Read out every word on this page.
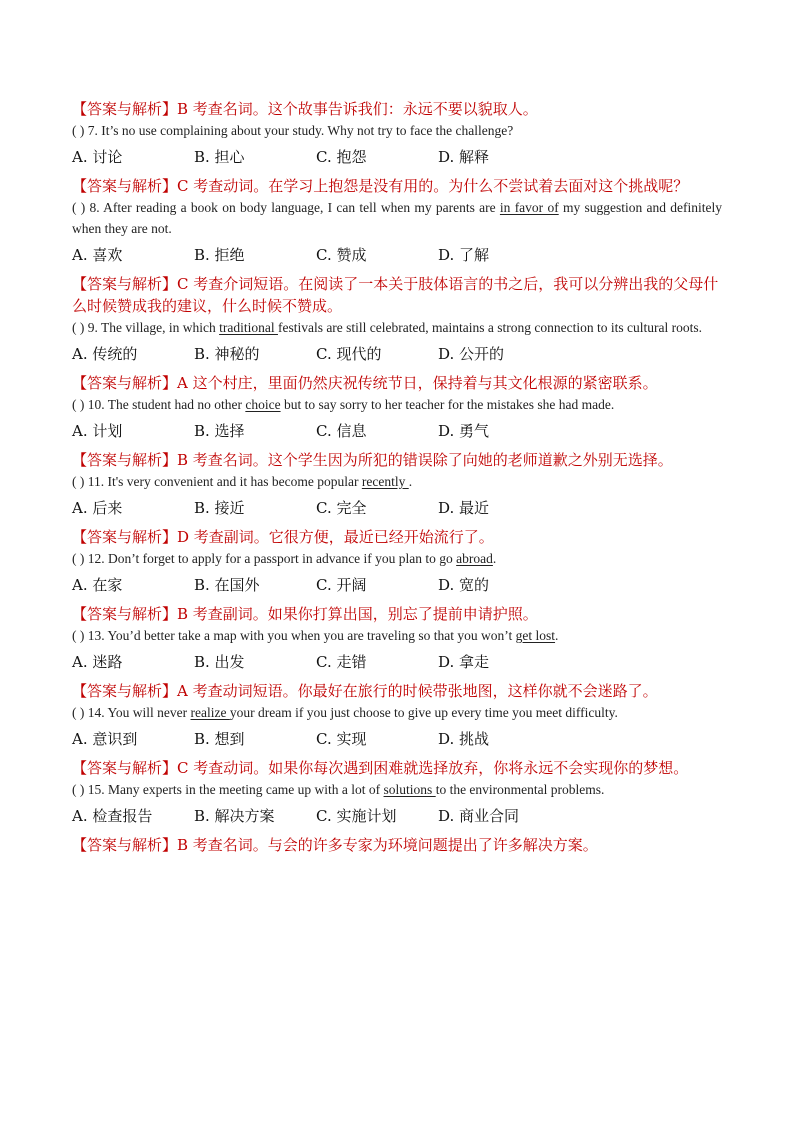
【答案与解析】B 考查名词。这个故事告诉我们：永远不要以貌取人。
( ) 7. It’s no use complaining about your study. Why not try to face the challenge?
A. 讨论	B. 担心	C. 抱怨	D. 解释
【答案与解析】C 考查动词。在学习上抱怨是没有用的。为什么不尝试着去面对这个挑战呢？
( ) 8. After reading a book on body language, I can tell when my parents are in favor of my suggestion and definitely when they are not.
A. 喜欢	B. 拒绝	C. 赞成	D. 了解
【答案与解析】C 考查介词短语。在阅读了一本关于肢体语言的书之后，我可以分辨出我的父母什么时候赞成我的建议，什么时候不赞成。
( ) 9. The village, in which traditional festivals are still celebrated, maintains a strong connection to its cultural roots.
A. 传统的	B. 神秘的	C. 现代的	D. 公开的
【答案与解析】A 这个村庄，里面仍然庆祝传统节日，保持着与其文化根源的紧密联系。
( ) 10. The student had no other choice but to say sorry to her teacher for the mistakes she had made.
A. 计划	B. 选择	C. 信息	D. 勇气
【答案与解析】B 考查名词。这个学生因为所犯的错误除了向她的老师道歉之外别无选择。
( ) 11. It's very convenient and it has become popular recently .
A. 后来	B. 接近	C. 完全	D. 最近
【答案与解析】D 考查副词。它很方便，最近已经开始流行了。
( ) 12. Don’t forget to apply for a passport in advance if you plan to go abroad.
A. 在家	B. 在国外	C. 开阔	D. 宽的
【答案与解析】B 考查副词。如果你打算出国，别忘了提前申请护照。
( ) 13. You’d better take a map with you when you are traveling so that you won’t get lost.
A. 迷路	B. 出发	C. 走错	D. 拿走
【答案与解析】A 考查动词短语。你最好在旅行的时候带张地图，这样你就不会迷路了。
( ) 14. You will never realize your dream if you just choose to give up every time you meet difficulty.
A. 意识到	B. 想到	C. 实现	D. 挑战
【答案与解析】C 考查动词。如果你每次遇到困难就选择放弃，你将永远不会实现你的梦想。
( ) 15. Many experts in the meeting came up with a lot of solutions to the environmental problems.
A. 检查报告	B. 解决方案	C. 实施计划	D. 商业合同
【答案与解析】B 考查名词。与会的许多专家为环境问题提出了许多解决方案。
